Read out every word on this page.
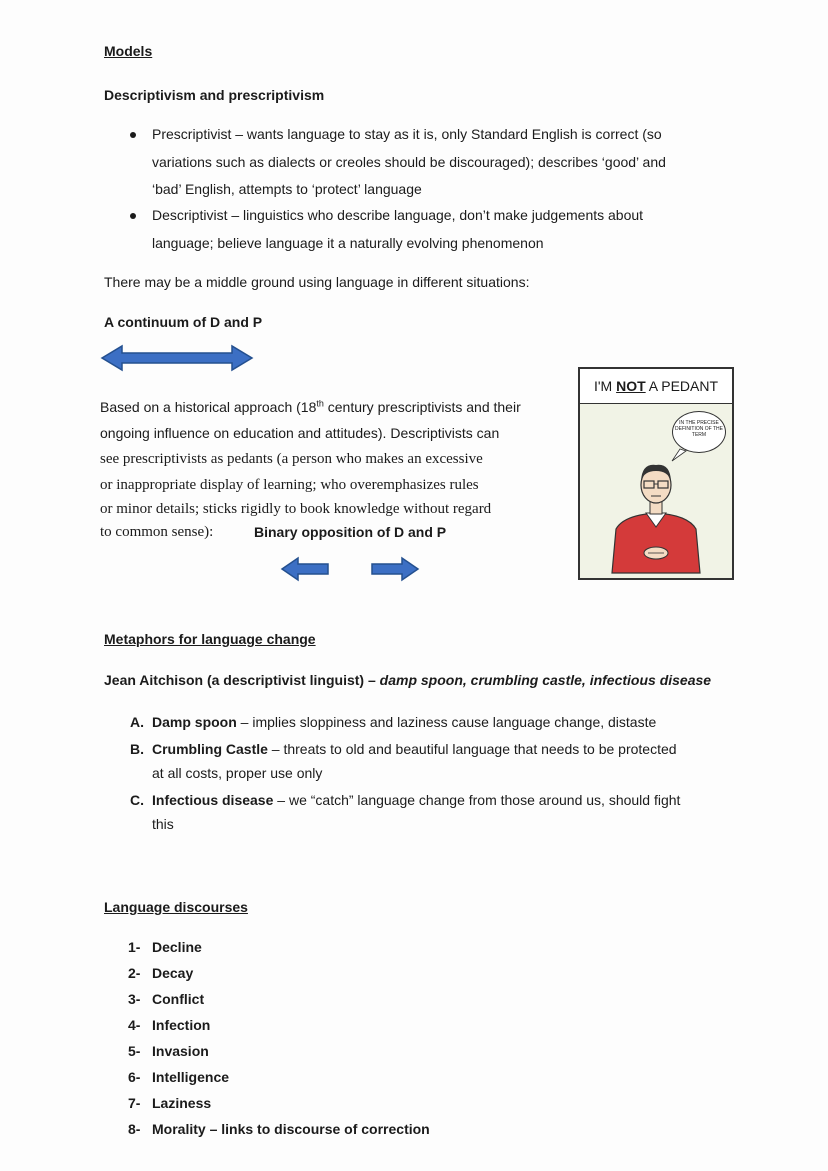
Models
Descriptivism and prescriptivism
Prescriptivist – wants language to stay as it is, only Standard English is correct (so
variations such as dialects or creoles should be discouraged); describes ‘good’ and
‘bad’ English, attempts to ‘protect’ language
Descriptivist – linguistics who describe language, don’t make judgements about
language; believe language it a naturally evolving phenomenon
There may be a middle ground using language in different situations:
A continuum of D and P
Based on a historical approach (18th century prescriptivists and their
ongoing influence on education and attitudes). Descriptivists can
see prescriptivists as pedants (a person who makes an excessive
or inappropriate display of learning; who overemphasizes rules
or minor details; sticks rigidly to book knowledge without regard
to common sense):	Binary opposition of D and P
I'M NOT A PEDANT
IN THE PRECISE DEFINITION OF THE TERM
Metaphors for language change
Jean Aitchison (a descriptivist linguist) – damp spoon, crumbling castle, infectious disease
A. Damp spoon – implies sloppiness and laziness cause language change, distaste
B. Crumbling Castle – threats to old and beautiful language that needs to be protected
at all costs, proper use only
C. Infectious disease – we “catch” language change from those around us, should fight
this
Language discourses
1- Decline
2- Decay
3- Conflict
4- Infection
5- Invasion
6- Intelligence
7- Laziness
8- Morality – links to discourse of correction
